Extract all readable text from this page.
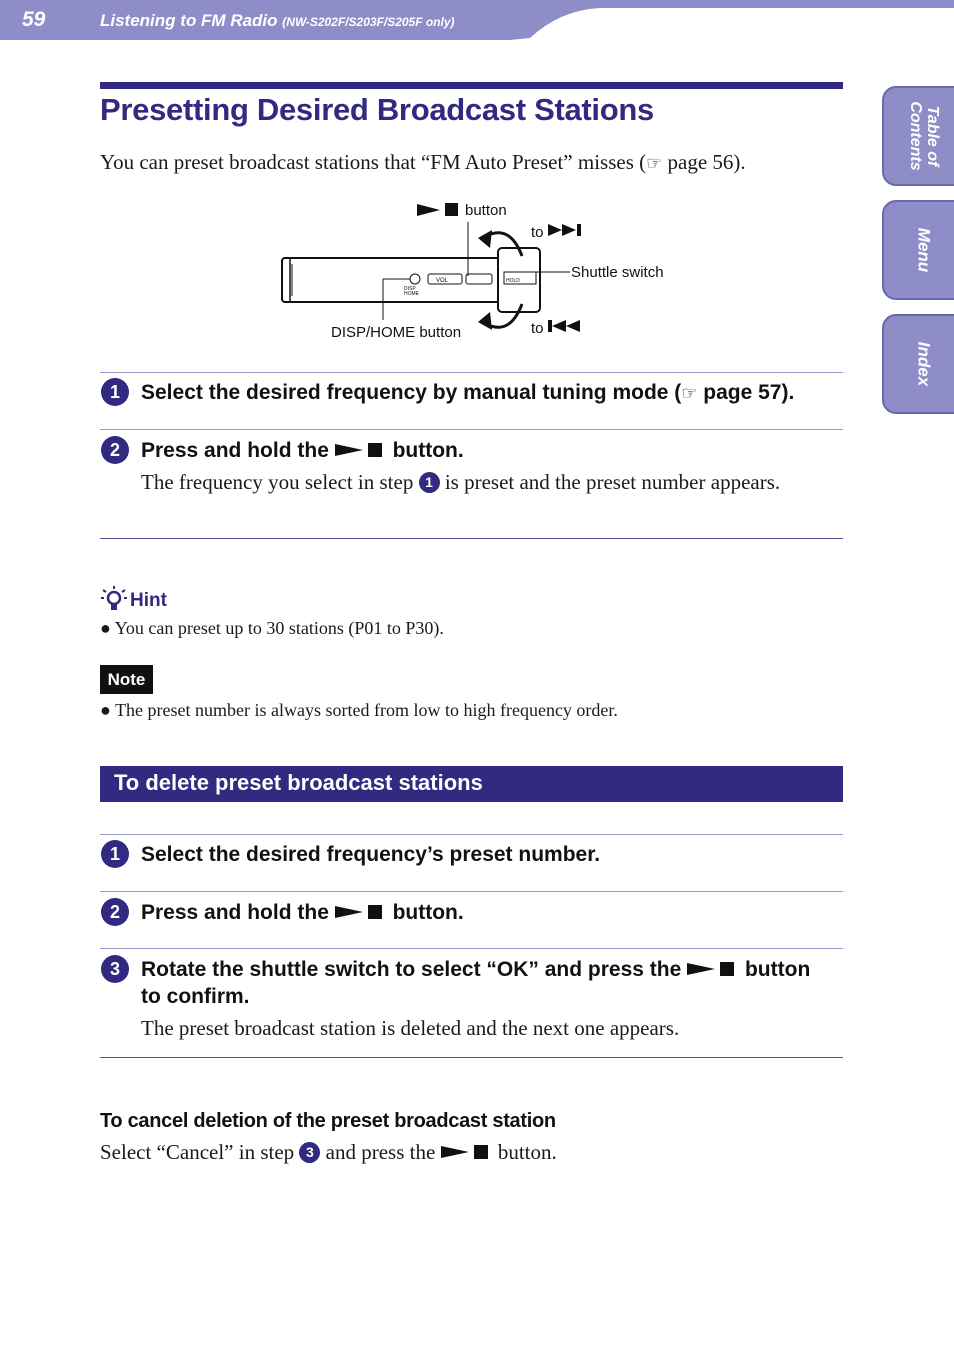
59	Listening to FM Radio (NW-S202F/S203F/S205F only)
Table of Contents
Menu
Index
Presetting Desired Broadcast Stations
You can preset broadcast stations that “FM Auto Preset” misses (☞ page 56).
HOLD
VOL
DISP
HOME
button
to
Shuttle switch
to
DISP/HOME button
1	Select the desired frequency by manual tuning mode (☞ page 57).
2	Press and hold the	button.
The frequency you select in step 1 is preset and the preset number appears.
Hint
● You can preset up to 30 stations (P01 to P30).
Note
● The preset number is always sorted from low to high frequency order.
To delete preset broadcast stations
1	Select the desired frequency’s preset number.
2	Press and hold the	button.
3	Rotate the shuttle switch to select “OK” and press the	button
to confirm.
The preset broadcast station is deleted and the next one appears.
To cancel deletion of the preset broadcast station
Select “Cancel” in step 3 and press the	button.
